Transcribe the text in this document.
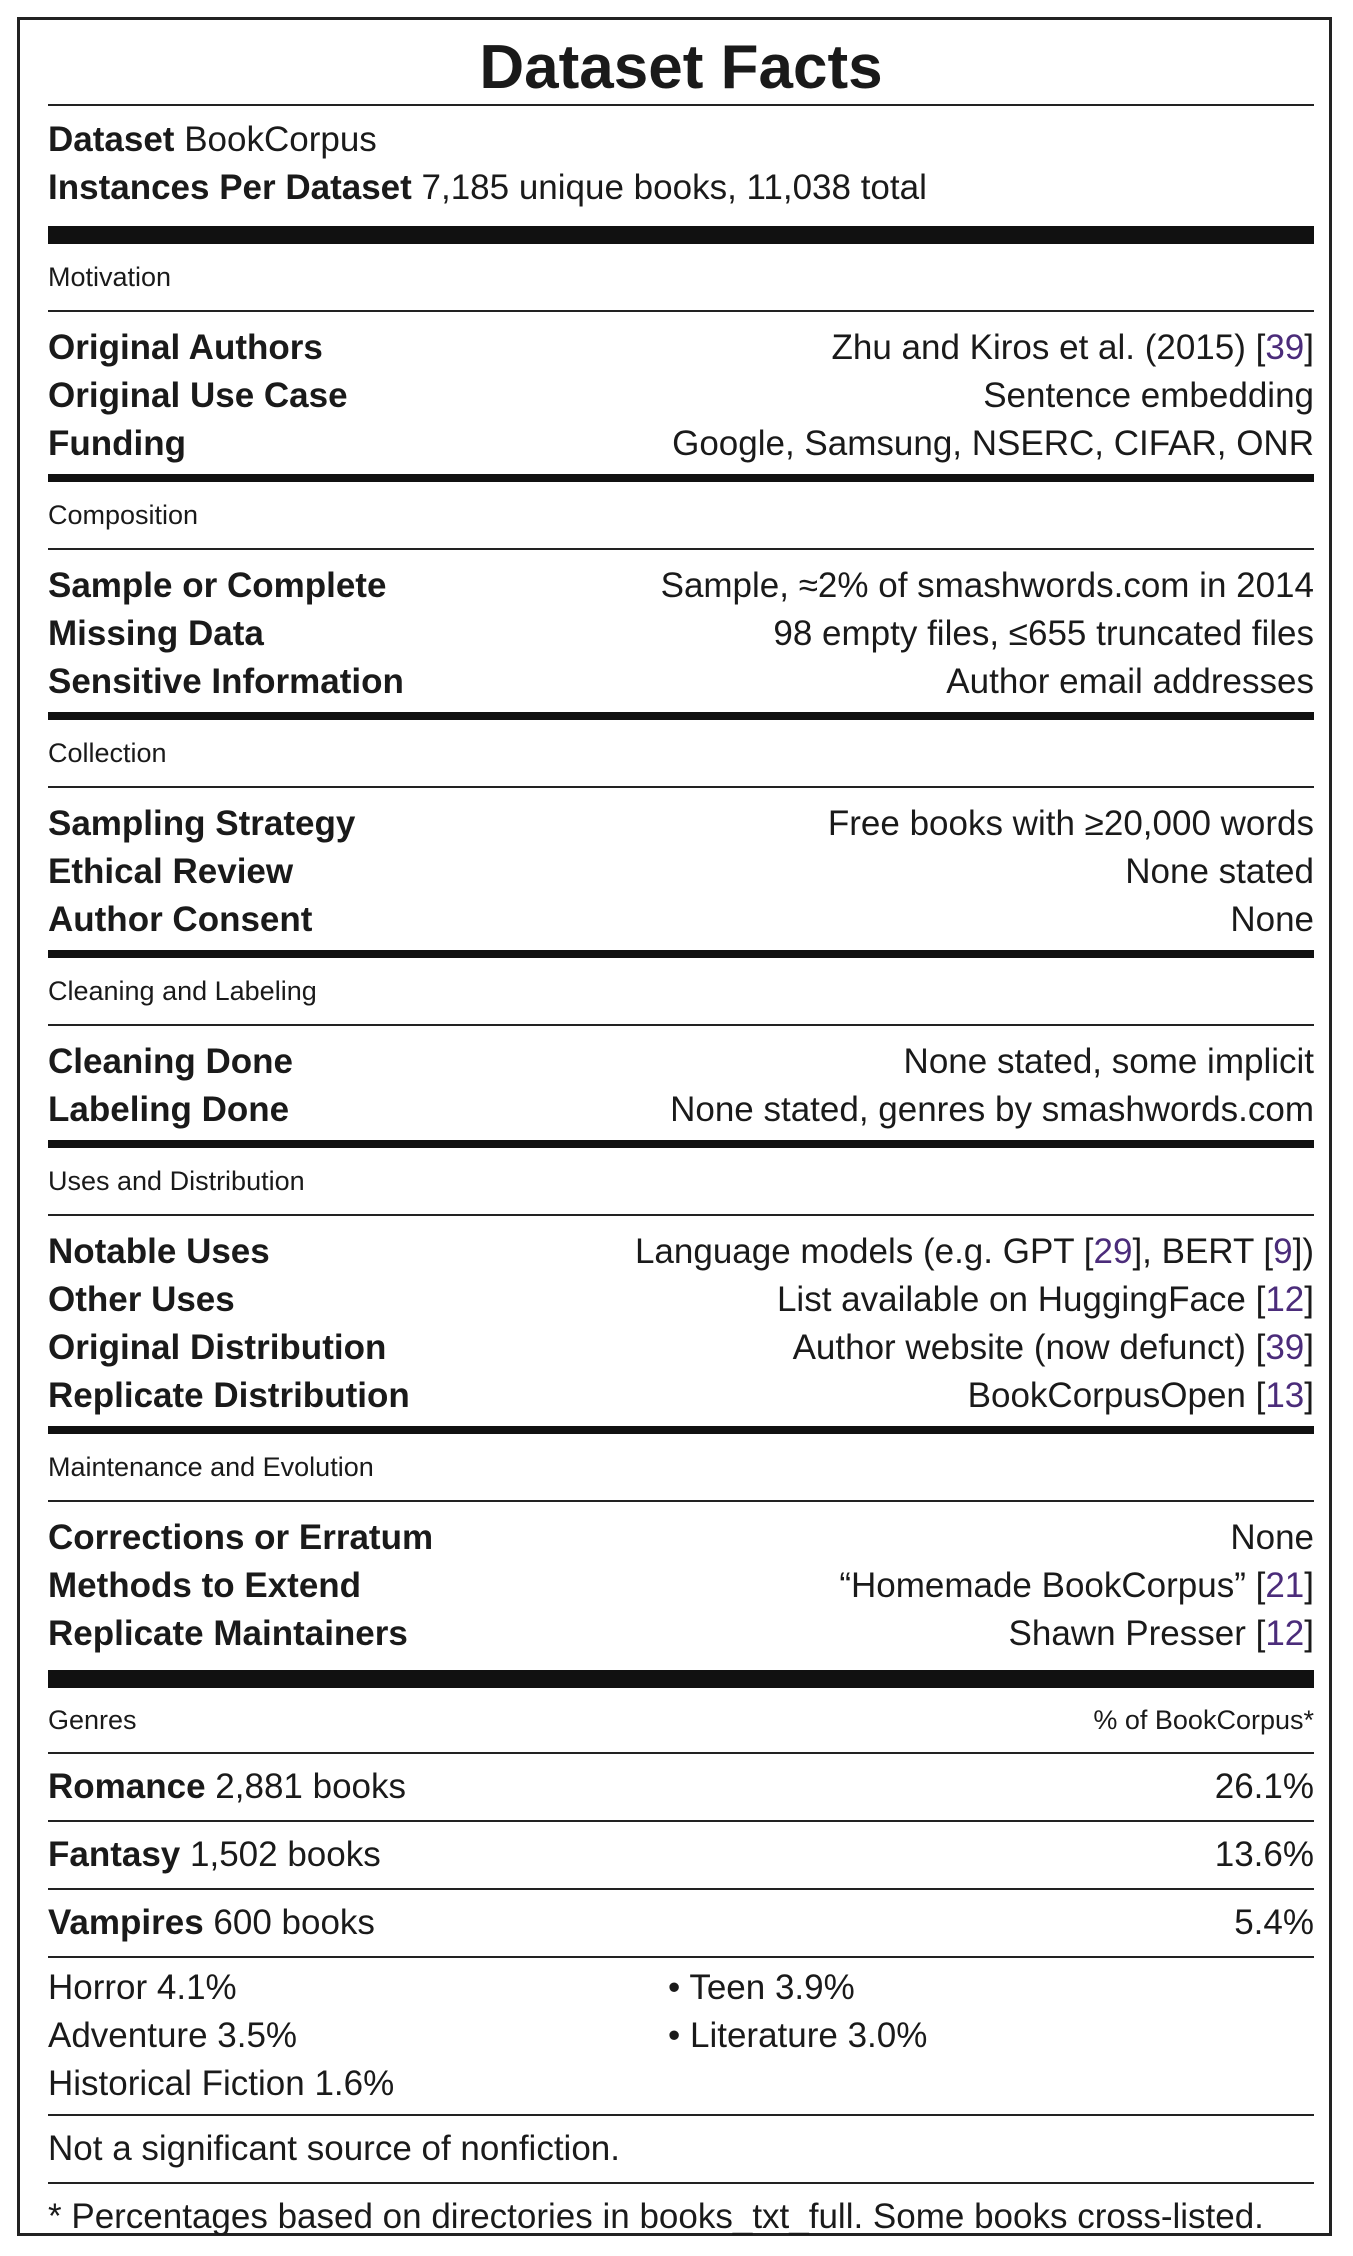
Dataset Facts
Dataset BookCorpus
Instances Per Dataset 7,185 unique books, 11,038 total
Motivation
Original Authors	Zhu and Kiros et al. (2015) [39]
Original Use Case	Sentence embedding
Funding	Google, Samsung, NSERC, CIFAR, ONR
Composition
Sample or Complete	Sample, ≈2% of smashwords.com in 2014
Missing Data	98 empty files, ≤655 truncated files
Sensitive Information	Author email addresses
Collection
Sampling Strategy	Free books with ≥20,000 words
Ethical Review	None stated
Author Consent	None
Cleaning and Labeling
Cleaning Done	None stated, some implicit
Labeling Done	None stated, genres by smashwords.com
Uses and Distribution
Notable Uses	Language models (e.g. GPT [29], BERT [9])
Other Uses	List available on HuggingFace [12]
Original Distribution	Author website (now defunct) [39]
Replicate Distribution	BookCorpusOpen [13]
Maintenance and Evolution
Corrections or Erratum	None
Methods to Extend	“Homemade BookCorpus” [21]
Replicate Maintainers	Shawn Presser [12]
Genres	% of BookCorpus*
Romance 2,881 books	26.1%
Fantasy 1,502 books	13.6%
Vampires 600 books	5.4%
Horror 4.1%
Adventure 3.5%
Historical Fiction 1.6%
• Teen 3.9%
• Literature 3.0%
Not a significant source of nonfiction.
* Percentages based on directories in books_txt_full. Some books cross-listed.
